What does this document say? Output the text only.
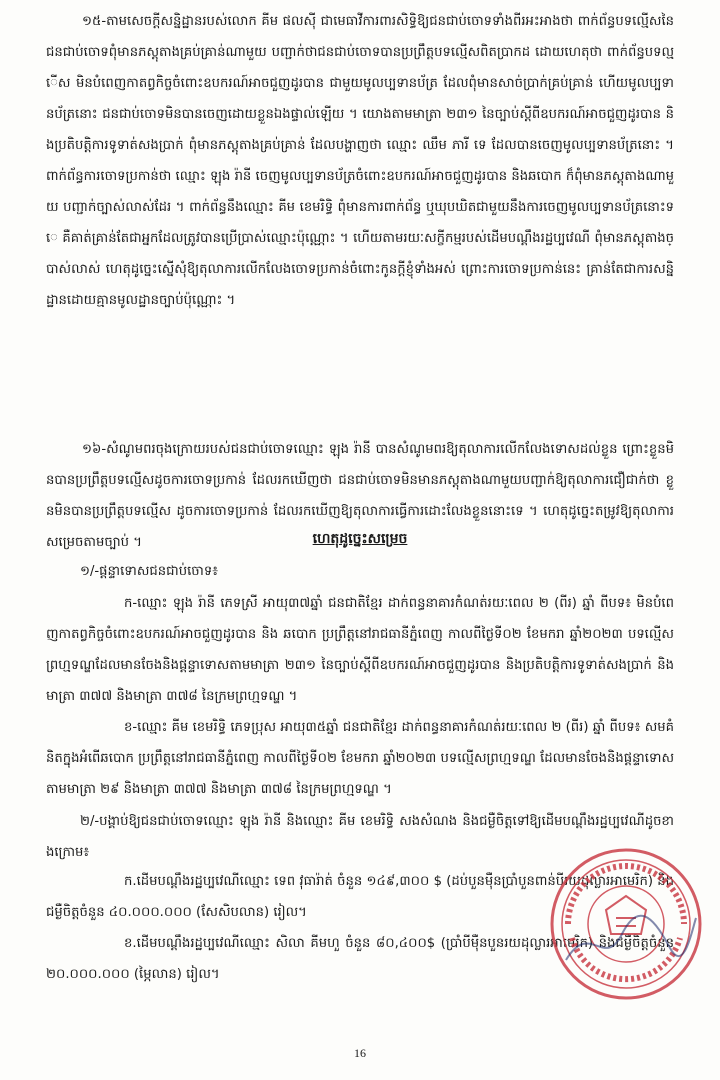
១៥-តាមសេចក្តីសន្និដ្ឋានរបស់លោក គីម ផលសុី ជាមេធាវីការពារសិទ្ធិឱ្យជនជាប់ចោទទាំងពីរអះអាងថា ពាក់ព័ន្ធបទល្មើសនៃជនជាប់ចោទពុំមានភស្តុតាងគ្រប់គ្រាន់ណាមួយ បញ្ជាក់ថាជនជាប់ចោទបានប្រព្រឹត្តបទល្មើសពិតប្រាកដ ដោយហេតុថា ពាក់ព័ន្ធបទល្មើស មិនបំពេញកាតព្វកិច្ចចំពោះឧបករណ៍អាចជួញដូរបាន ជាមួយមូលប្បទានប័ត្រ ដែលពុំមានសាច់ប្រាក់គ្រប់គ្រាន់ ហើយមូលប្បទានប័ត្រនោះ ជនជាប់ចោទមិនបានចេញដោយខ្លួនឯងផ្ទាល់ឡើយ ។ យោងតាមមាត្រា ២៣១ នៃច្បាប់ស្តីពីឧបករណ៍អាចជួញដូរបាន និងប្រតិបត្តិការទូទាត់សងប្រាក់ ពុំមានភស្តុតាងគ្រប់គ្រាន់ ដែលបង្ហាញថា ឈ្មោះ ឈឹម ភារី ទេ ដែលបានចេញមូលប្បទានប័ត្រនោះ ។ ពាក់ព័ន្ធការចោទប្រកាន់ថា ឈ្មោះ ឡុង រ៉ានី ចេញមូលប្បទានប័ត្រចំពោះឧបករណ៍អាចជួញដូរបាន និងឆបោក ក៏ពុំមានភស្តុតាងណាមួយ បញ្ជាក់ច្បាស់លាស់ដែរ ។ ពាក់ព័ន្ធនឹងឈ្មោះ គីម ខេមរិទ្ធិ ពុំមានការពាក់ព័ន្ធ ឬឃុបឃិតជាមួយនឹងការចេញមូលប្បទានប័ត្រនោះទេ គឺគាត់គ្រាន់តែជាអ្នកដែលត្រូវបានប្រើប្រាស់ឈ្មោះប៉ុណ្ណោះ ។ ហើយតាមរយៈសក្ខីកម្មរបស់ដើមបណ្តឹងរដ្ឋប្បវេណី ពុំមានភស្តុតាងច្បាស់លាស់ ហេតុដូច្នេះស្នើសុំឱ្យតុលាការលើកលែងចោទប្រកាន់ចំពោះកូនក្តីខ្ញុំទាំងអស់ ព្រោះការចោទប្រកាន់នេះ គ្រាន់តែជាការសន្និដ្ឋានដោយគ្មានមូលដ្ឋានច្បាប់ប៉ុណ្ណោះ ។
១៦-សំណូមពរចុងក្រោយរបស់ជនជាប់ចោទឈ្មោះ ឡុង រ៉ានី បានសំណូមពរឱ្យតុលាការលើកលែងទោសដល់ខ្លួន ព្រោះខ្លួនមិនបានប្រព្រឹត្តបទល្មើសដូចការចោទប្រកាន់ ដែលរកឃើញថា ជនជាប់ចោទមិនមានភស្តុតាងណាមួយបញ្ជាក់ឱ្យតុលាការជឿជាក់ថា ខ្លួនមិនបានប្រព្រឹត្តបទល្មើស ដូចការចោទប្រកាន់ ដែលរកឃើញឱ្យតុលាការធ្វើការដោះលែងខ្លួននោះទេ ។ ហេតុដូច្នេះតម្រូវឱ្យតុលាការសម្រេចតាមច្បាប់ ។	ហេតុដូច្នេះសម្រេច
១/-ផ្តន្ទាទោសជនជាប់ចោទ៖
ក-ឈ្មោះ ឡុង រ៉ានី ភេទស្រី អាយុ៣៧ឆ្នាំ ជនជាតិខ្មែរ ដាក់ពន្ធនាគារកំណត់រយៈពេល ២ (ពីរ) ឆ្នាំ ពីបទ៖ មិនបំពេញកាតព្វកិច្ចចំពោះឧបករណ៍អាចជួញដូរបាន និង ឆបោក ប្រព្រឹត្តនៅរាជធានីភ្នំពេញ កាលពីថ្ងៃទី០២ ខែមករា ឆ្នាំ២០២៣ បទល្មើសព្រហ្មទណ្ឌដែលមានចែងនិងផ្តន្ទាទោសតាមមាត្រា ២៣១ នៃច្បាប់ស្តីពីឧបករណ៍អាចជួញដូរបាន និងប្រតិបត្តិការទូទាត់សងប្រាក់ និងមាត្រា ៣៧៧ និងមាត្រា ៣៧៨ នៃក្រមព្រហ្មទណ្ឌ ។
ខ-ឈ្មោះ គីម ខេមរិទ្ធិ ភេទប្រុស អាយុ៣៥ឆ្នាំ ជនជាតិខ្មែរ ដាក់ពន្ធនាគារកំណត់រយៈពេល ២ (ពីរ) ឆ្នាំ ពីបទ៖ សមគំនិតក្នុងអំពើឆបោក ប្រព្រឹត្តនៅរាជធានីភ្នំពេញ កាលពីថ្ងៃទី០២ ខែមករា ឆ្នាំ២០២៣ បទល្មើសព្រហ្មទណ្ឌ ដែលមានចែងនិងផ្តន្ទាទោសតាមមាត្រា ២៩ និងមាត្រា ៣៧៧ និងមាត្រា ៣៧៨ នៃក្រមព្រហ្មទណ្ឌ ។
២/-បង្គាប់ឱ្យជនជាប់ចោទឈ្មោះ ឡុង រ៉ានី និងឈ្មោះ គីម ខេមរិទ្ធិ សងសំណង និងជម្ងឺចិត្តទៅឱ្យដើមបណ្តឹងរដ្ឋប្បវេណីដូចខាងក្រោម៖
ក.ដើមបណ្តឹងរដ្ឋប្បវេណីឈ្មោះ ទេព វុធារ៉ាត់ ចំនួន ១៤៩,៣០០ $ (ដប់បួនម៉ឺនប្រាំបួនពាន់បីរយដុល្លារអាមេរិក) និងជម្ងឺចិត្តចំនួន ៤០.០០០.០០០ (សែសិបលាន) រៀល។
ខ.ដើមបណ្តឹងរដ្ឋប្បវេណីឈ្មោះ សិលា គីមហួ ចំនួន ៨០,៤០០$ (ប្រាំបីម៉ឺនបួនរយដុល្លារអាមេរិក) និងជម្ងឺចិត្តចំនួន ២០.០០០.០០០ (ម្ភៃលាន) រៀល។
16
